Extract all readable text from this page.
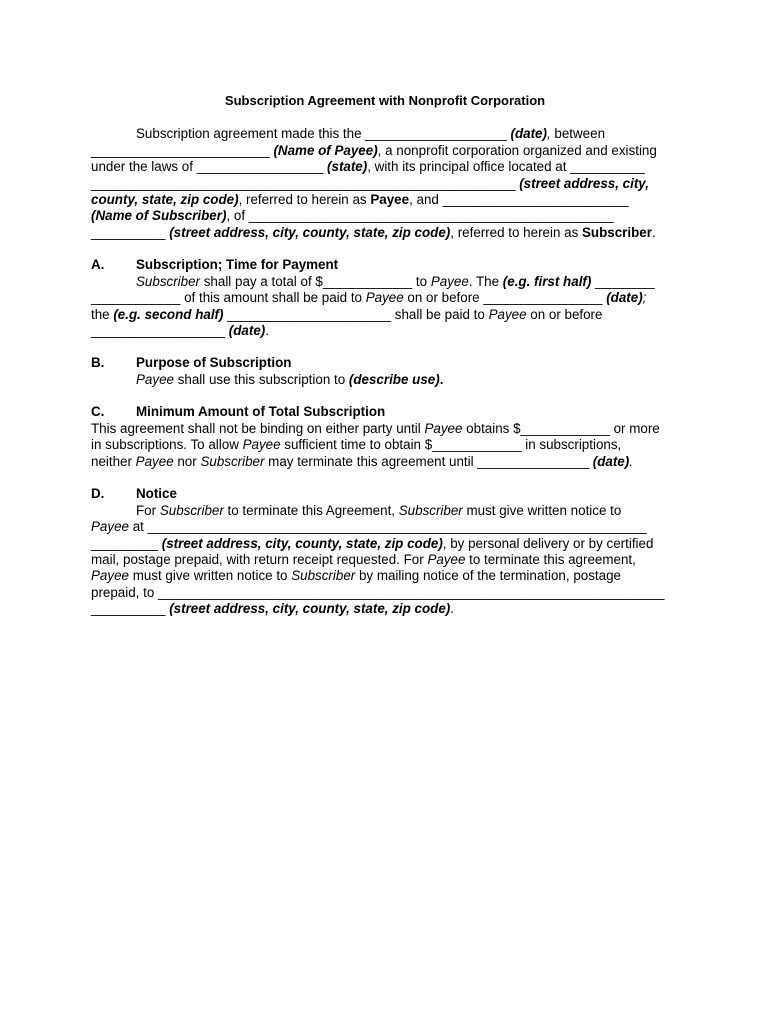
Subscription Agreement with Nonprofit Corporation
A. Subscription; Time for Payment
B. Purpose of Subscription
C. Minimum Amount of Total Subscription
D. Notice
Subscription agreement made this the ___________________ (date), between
________________________ (Name of Payee), a nonprofit corporation organized and existing
under the laws of _________________ (state), with its principal office located at __________
_________________________________________________________ (street address, city,
county, state, zip code), referred to herein as Payee, and _________________________
(Name of Subscriber), of _________________________________________________
__________ (street address, city, county, state, zip code), referred to herein as Subscriber.
Subscriber shall pay a total of $____________ to Payee. The (e.g. first half) ________
____________ of this amount shall be paid to Payee on or before ________________ (date);
the (e.g. second half) ______________________ shall be paid to Payee on or before
__________________ (date).
Payee shall use this subscription to (describe use).
This agreement shall not be binding on either party until Payee obtains $____________ or more
in subscriptions. To allow Payee sufficient time to obtain $____________ in subscriptions,
neither Payee nor Subscriber may terminate this agreement until _______________ (date).
For Subscriber to terminate this Agreement, Subscriber must give written notice to
Payee at ___________________________________________________________________
_________ (street address, city, county, state, zip code), by personal delivery or by certified
mail, postage prepaid, with return receipt requested. For Payee to terminate this agreement,
Payee must give written notice to Subscriber by mailing notice of the termination, postage
prepaid, to ____________________________________________________________________
__________ (street address, city, county, state, zip code).
